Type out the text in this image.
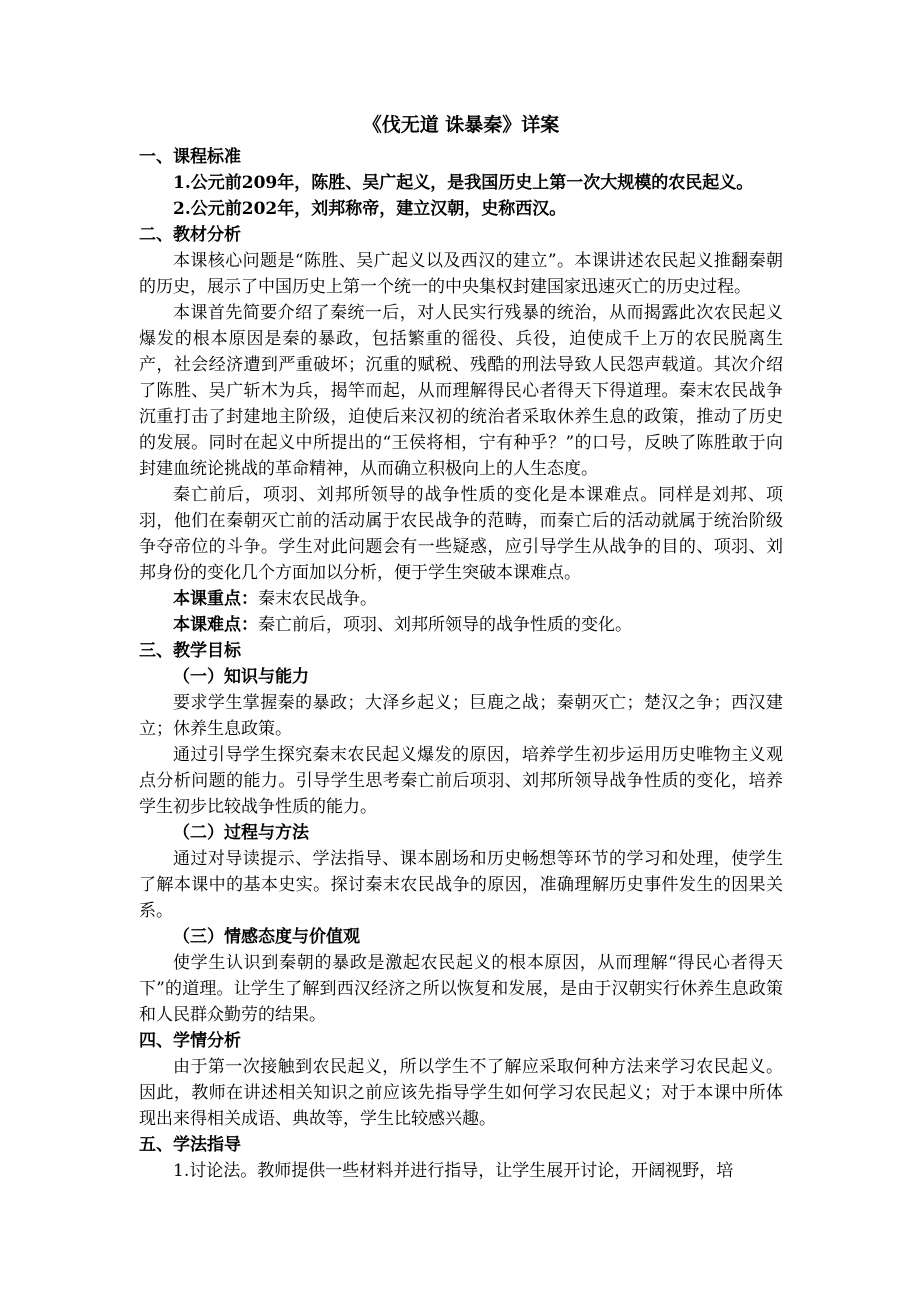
《伐无道 诛暴秦》详案
一、课程标准
1.公元前209年，陈胜、吴广起义，是我国历史上第一次大规模的农民起义。
2.公元前202年，刘邦称帝，建立汉朝，史称西汉。
二、教材分析
本课核心问题是“陈胜、吴广起义以及西汉的建立”。本课讲述农民起义推翻秦朝的历史，展示了中国历史上第一个统一的中央集权封建国家迅速灭亡的历史过程。
本课首先简要介绍了秦统一后，对人民实行残暴的统治，从而揭露此次农民起义爆发的根本原因是秦的暴政，包括繁重的徭役、兵役，迫使成千上万的农民脱离生产，社会经济遭到严重破坏；沉重的赋税、残酷的刑法导致人民怨声载道。其次介绍了陈胜、吴广斩木为兵，揭竿而起，从而理解得民心者得天下得道理。秦末农民战争沉重打击了封建地主阶级，迫使后来汉初的统治者采取休养生息的政策，推动了历史的发展。同时在起义中所提出的“王侯将相，宁有种乎？”的口号，反映了陈胜敢于向封建血统论挑战的革命精神，从而确立积极向上的人生态度。
秦亡前后，项羽、刘邦所领导的战争性质的变化是本课难点。同样是刘邦、项羽，他们在秦朝灭亡前的活动属于农民战争的范畴，而秦亡后的活动就属于统治阶级争夺帝位的斗争。学生对此问题会有一些疑惑，应引导学生从战争的目的、项羽、刘邦身份的变化几个方面加以分析，便于学生突破本课难点。
本课重点：秦末农民战争。
本课难点：秦亡前后，项羽、刘邦所领导的战争性质的变化。
三、教学目标
（一）知识与能力
要求学生掌握秦的暴政；大泽乡起义；巨鹿之战；秦朝灭亡；楚汉之争；西汉建立；休养生息政策。
通过引导学生探究秦末农民起义爆发的原因，培养学生初步运用历史唯物主义观点分析问题的能力。引导学生思考秦亡前后项羽、刘邦所领导战争性质的变化，培养学生初步比较战争性质的能力。
（二）过程与方法
通过对导读提示、学法指导、课本剧场和历史畅想等环节的学习和处理，使学生了解本课中的基本史实。探讨秦末农民战争的原因，准确理解历史事件发生的因果关系。
（三）情感态度与价值观
使学生认识到秦朝的暴政是激起农民起义的根本原因，从而理解“得民心者得天下”的道理。让学生了解到西汉经济之所以恢复和发展，是由于汉朝实行休养生息政策和人民群众勤劳的结果。
四、学情分析
由于第一次接触到农民起义，所以学生不了解应采取何种方法来学习农民起义。因此，教师在讲述相关知识之前应该先指导学生如何学习农民起义；对于本课中所体现出来得相关成语、典故等，学生比较感兴趣。
五、学法指导
1.讨论法。教师提供一些材料并进行指导，让学生展开讨论，开阔视野，培
